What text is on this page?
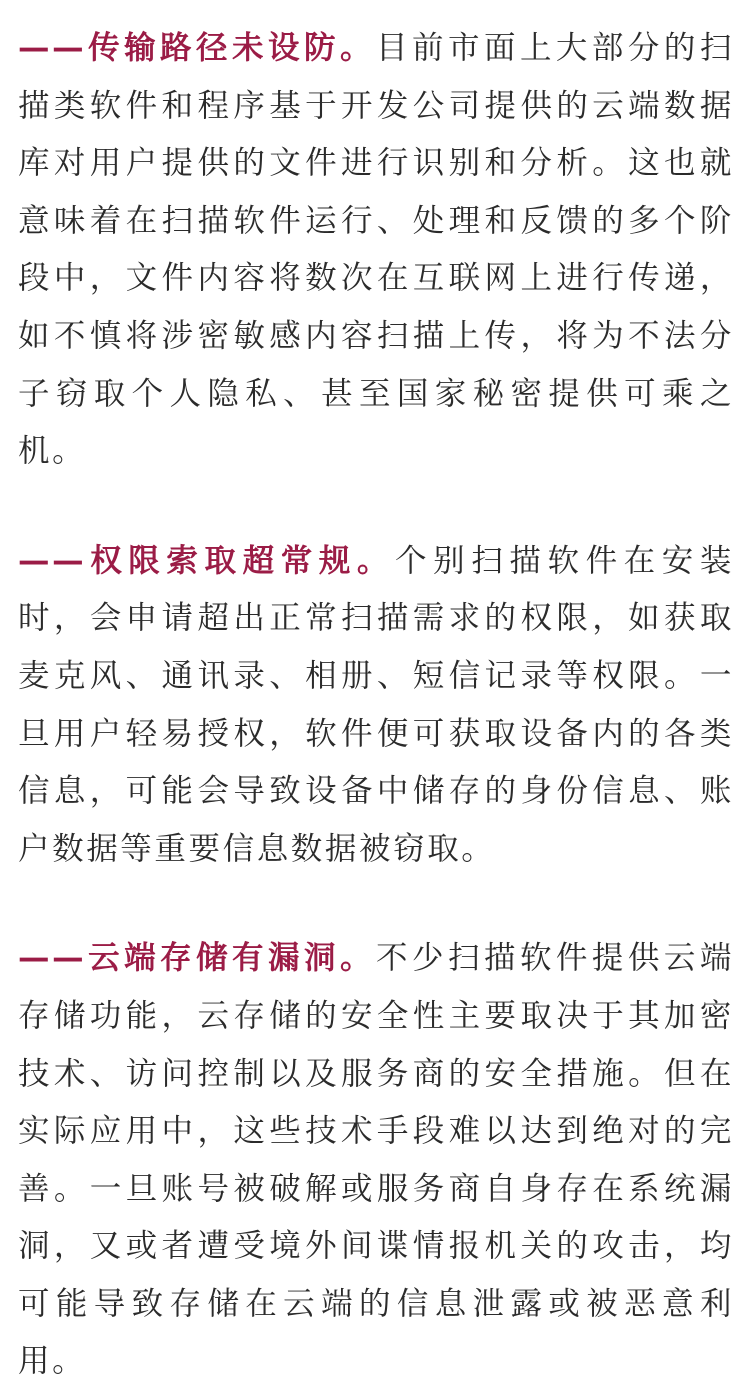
——传输路径未设防。目前市面上大部分的扫描类软件和程序基于开发公司提供的云端数据库对用户提供的文件进行识别和分析。这也就意味着在扫描软件运行、处理和反馈的多个阶段中，文件内容将数次在互联网上进行传递，如不慎将涉密敏感内容扫描上传，将为不法分子窃取个人隐私、甚至国家秘密提供可乘之机。

——权限索取超常规。个别扫描软件在安装时，会申请超出正常扫描需求的权限，如获取麦克风、通讯录、相册、短信记录等权限。一旦用户轻易授权，软件便可获取设备内的各类信息，可能会导致设备中储存的身份信息、账户数据等重要信息数据被窃取。

——云端存储有漏洞。不少扫描软件提供云端存储功能，云存储的安全性主要取决于其加密技术、访问控制以及服务商的安全措施。但在实际应用中，这些技术手段难以达到绝对的完善。一旦账号被破解或服务商自身存在系统漏洞，又或者遭受境外间谍情报机关的攻击，均可能导致存储在云端的信息泄露或被恶意利用。
